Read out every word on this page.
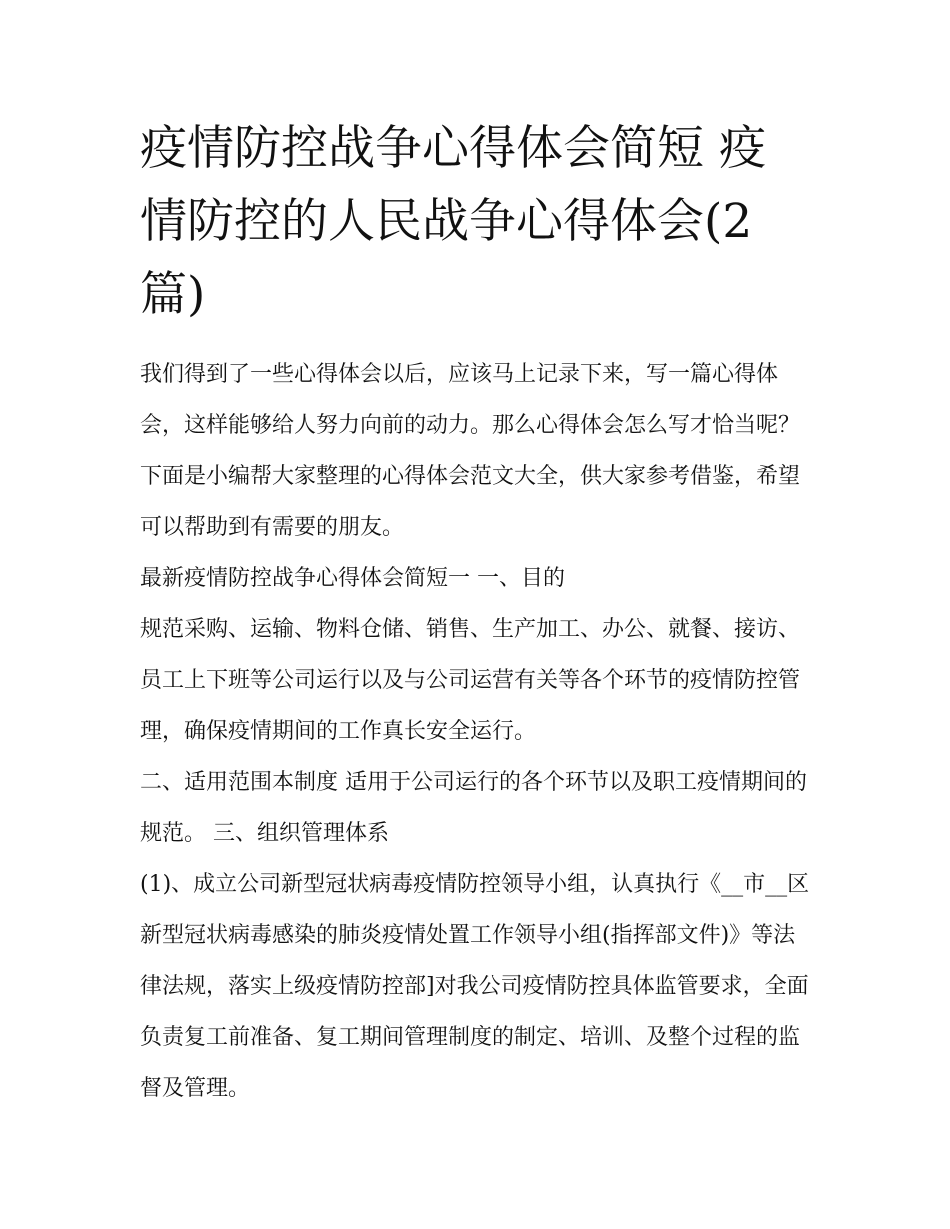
疫情防控战争心得体会简短 疫情防控的人民战争心得体会(2篇)

我们得到了一些心得体会以后，应该马上记录下来，写一篇心得体会，这样能够给人努力向前的动力。那么心得体会怎么写才恰当呢？下面是小编帮大家整理的心得体会范文大全，供大家参考借鉴，希望可以帮助到有需要的朋友。

最新疫情防控战争心得体会简短一 一、目的

规范采购、运输、物料仓储、销售、生产加工、办公、就餐、接访、员工上下班等公司运行以及与公司运营有关等各个环节的疫情防控管理，确保疫情期间的工作真长安全运行。

二、适用范围本制度 适用于公司运行的各个环节以及职工疫情期间的规范。 三、组织管理体系

(1)、成立公司新型冠状病毒疫情防控领导小组，认真执行《__市__区新型冠状病毒感染的肺炎疫情处置工作领导小组(指挥部文件)》等法律法规，落实上级疫情防控部]对我公司疫情防控具体监管要求，全面负责复工前准备、复工期间管理制度的制定、培训、及整个过程的监督及管理。
